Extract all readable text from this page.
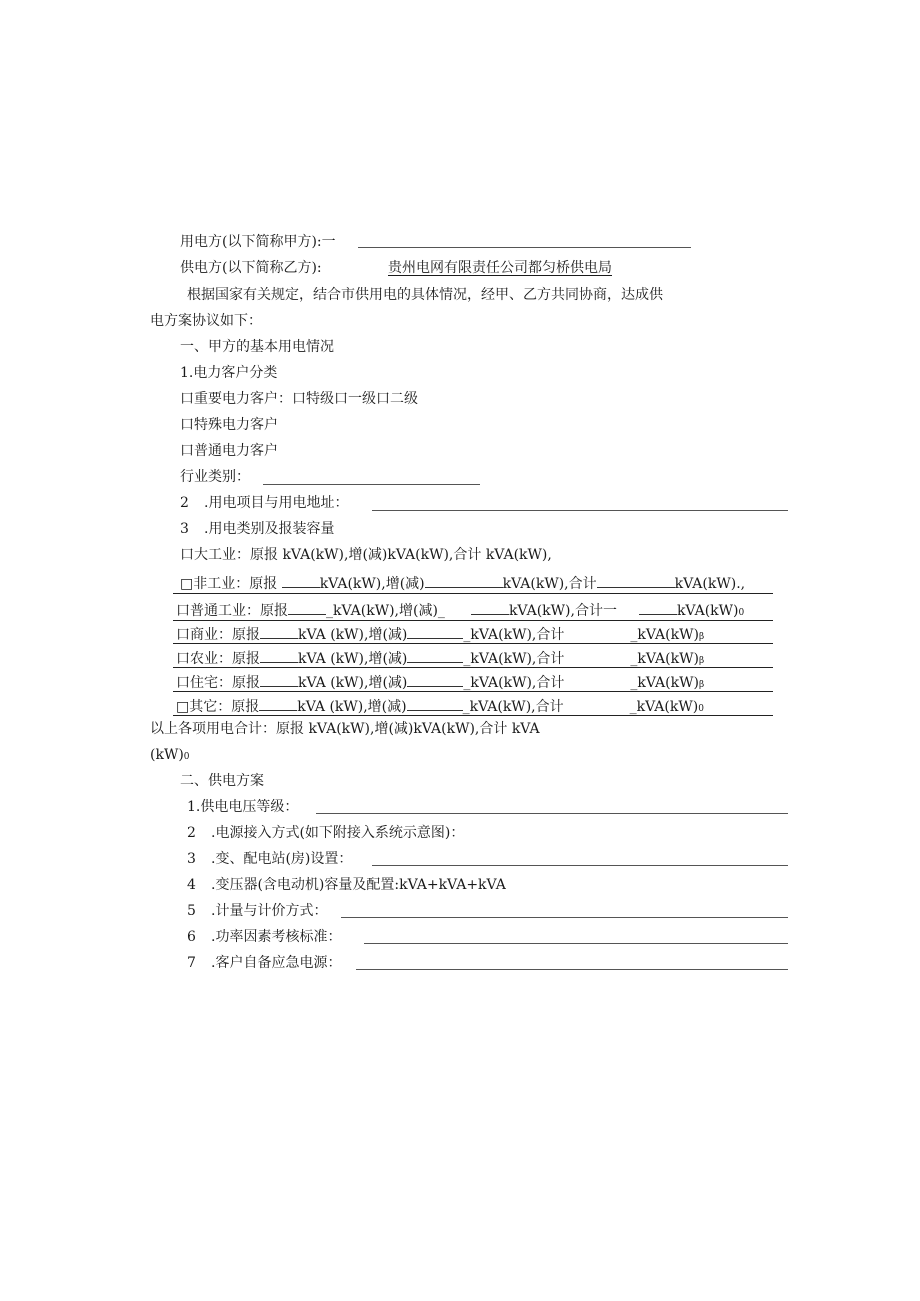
用电方(以下简称甲方):一
供电方(以下简称乙方):	贵州电网有限责任公司都匀桥供电局
根据国家有关规定，结合市供用电的具体情况，经甲、乙方共同协商，达成供
电方案协议如下：
一、甲方的基本用电情况
1.电力客户分类
口重要电力客户：口特级口一级口二级
口特殊电力客户
口普通电力客户
行业类别：
2 .用电项目与用电地址：
3 .用电类别及报装容量
口大工业：原报 kVA(kW),增(减)kVA(kW),合计 kVA(kW),
□非工业：原报	kVA(kW),增(减)	kVA(kW),合计	kVA(kW).,
口普通工业：原报	_kVA(kW),增(减)_	kVA(kW),合计一	kVA(kW)0
口商业：原报	kVA (kW),增(减)	_kVA(kW),合计	_kVA(kW)β
口农业：原报	kVA (kW),增(减)	_kVA(kW),合计	_kVA(kW)β
口住宅：原报	kVA (kW),增(减)	_kVA(kW),合计	_kVA(kW)β
□其它：原报	kVA (kW),增(减)	_kVA(kW),合计	_kVA(kW)0
以上各项用电合计：原报 kVA(kW),增(减)kVA(kW),合计 kVA
(kW)0
二、供电方案
1.供电电压等级：
2 .电源接入方式(如下附接入系统示意图)：
3 .变、配电站(房)设置：
4 .变压器(含电动机)容量及配置:kVA+kVA+kVA
5 .计量与计价方式：
6 .功率因素考核标准：
7 .客户自备应急电源：
